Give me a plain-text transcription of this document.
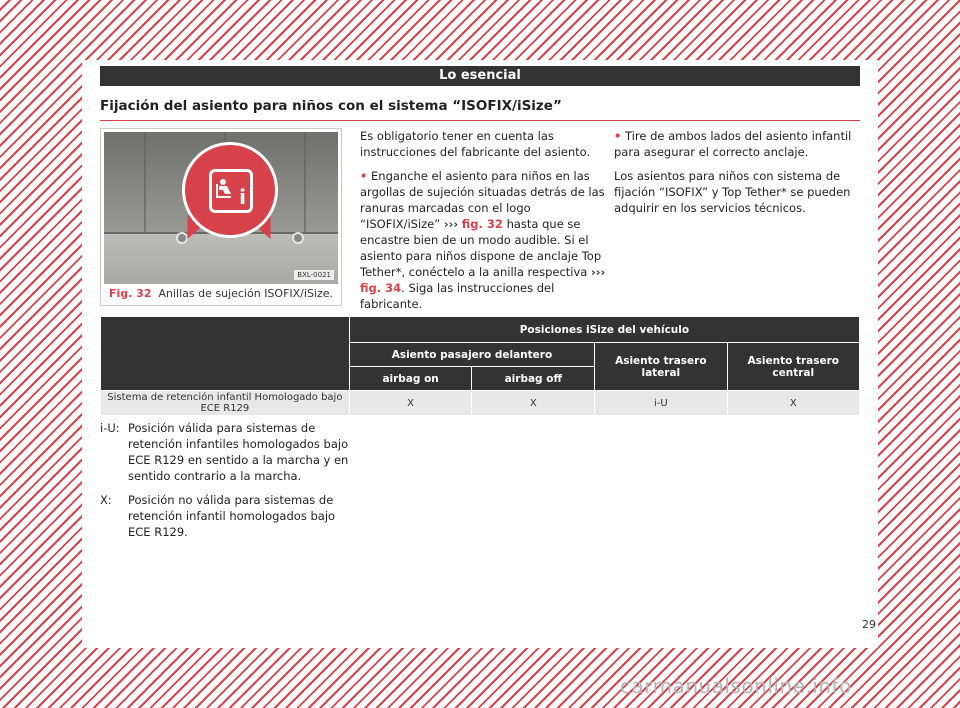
Lo esencial
Fijación del asiento para niños con el sistema “ISOFIX/iSize”
i
BXL-0021
Fig. 32 Anillas de sujeción ISOFIX/iSize.

Es obligatorio tener en cuenta las instrucciones del fabricante del asiento.

• Enganche el asiento para niños en las argollas de sujeción situadas detrás de las ranuras marcadas con el logo “ISOFIX/iSize” ››› fig. 32 hasta que se encastre bien de un modo audible. Si el asiento para niños dispone de anclaje Top Tether*, conéctelo a la anilla respectiva ››› fig. 34. Siga las instrucciones del fabricante.

• Tire de ambos lados del asiento infantil para asegurar el correcto anclaje.

Los asientos para niños con sistema de fijación “ISOFIX” y Top Tether* se pueden adquirir en los servicios técnicos.

	Posiciones iSize del vehículo			
	Asiento pasajero delantero		Asiento trasero lateral	Asiento trasero central
	airbag on	airbag off		
Sistema de retención infantil Homologado bajo ECE R129	X	X	i-U	X
i-U: Posición válida para sistemas de retención infantiles homologados bajo ECE R129 en sentido a la marcha y en sentido contrario a la marcha.
X:	Posición no válida para sistemas de retención infantil homologados bajo ECE R129.
29
carmanualsonline.info
